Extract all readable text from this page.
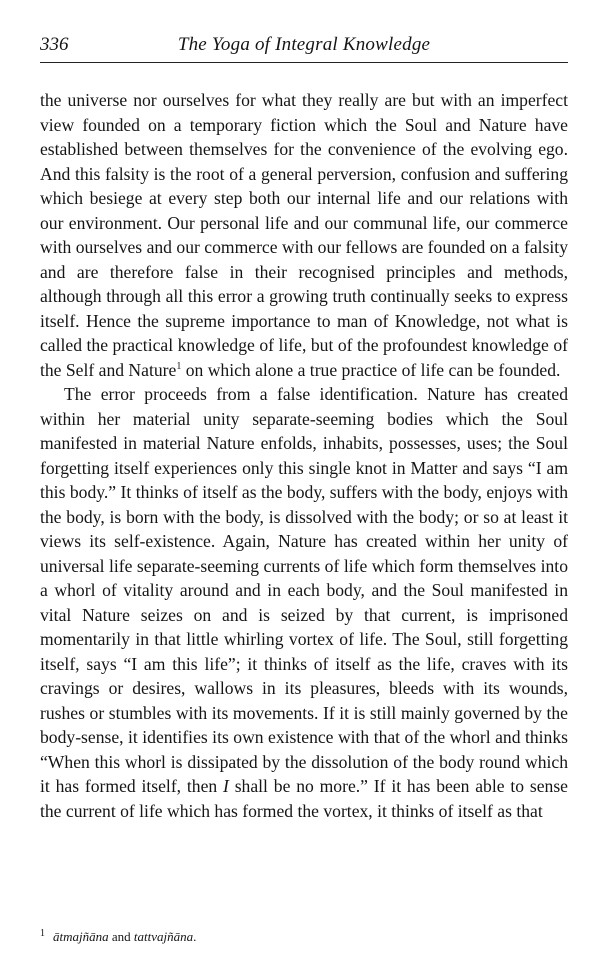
336	The Yoga of Integral Knowledge

the universe nor ourselves for what they really are but with an imperfect view founded on a temporary fiction which the Soul and Nature have established between themselves for the convenience of the evolving ego. And this falsity is the root of a general perversion, confusion and suffering which besiege at every step both our internal life and our relations with our environment. Our personal life and our communal life, our commerce with ourselves and our commerce with our fellows are founded on a falsity and are therefore false in their recognised principles and methods, although through all this error a growing truth continually seeks to express itself. Hence the supreme importance to man of Knowledge, not what is called the practical knowledge of life, but of the profoundest knowledge of the Self and Nature$^1$ on which alone a true practice of life can be founded.

The error proceeds from a false identification. Nature has created within her material unity separate-seeming bodies which the Soul manifested in material Nature enfolds, inhabits, possesses, uses; the Soul forgetting itself experiences only this single knot in Matter and says “I am this body.” It thinks of itself as the body, suffers with the body, enjoys with the body, is born with the body, is dissolved with the body; or so at least it views its self-existence. Again, Nature has created within her unity of universal life separate-seeming currents of life which form themselves into a whorl of vitality around and in each body, and the Soul manifested in vital Nature seizes on and is seized by that current, is imprisoned momentarily in that little whirling vortex of life. The Soul, still forgetting itself, says “I am this life”; it thinks of itself as the life, craves with its cravings or desires, wallows in its pleasures, bleeds with its wounds, rushes or stumbles with its movements. If it is still mainly governed by the body-sense, it identifies its own existence with that of the whorl and thinks “When this whorl is dissipated by the dissolution of the body round which it has formed itself, then I shall be no more.” If it has been able to sense the current of life which has formed the vortex, it thinks of itself as that

$^1$ ātmajñāna and tattvajñāna.
